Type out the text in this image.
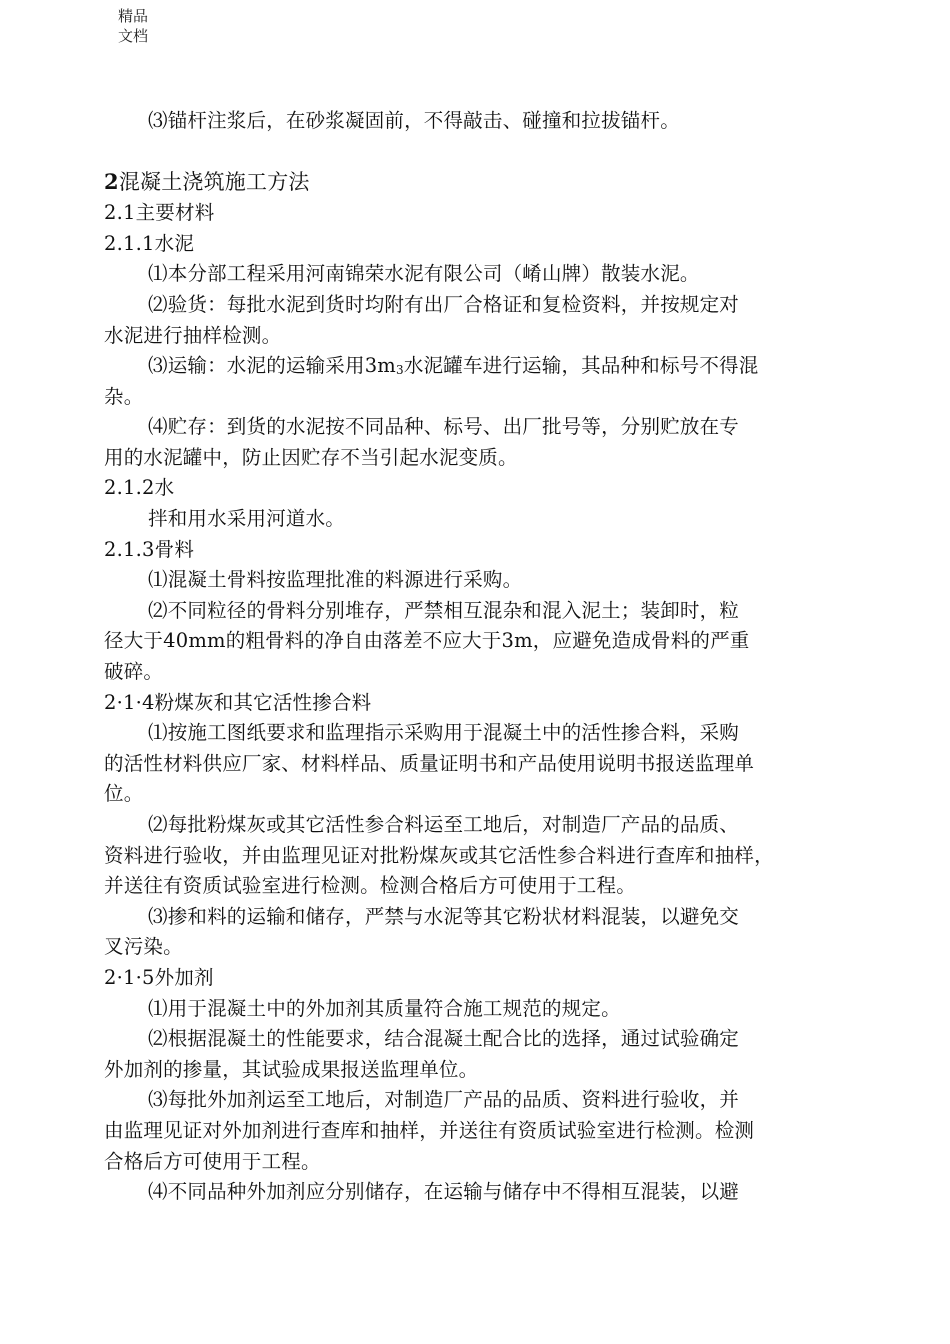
精品文档
⑶锚杆注浆后，在砂浆凝固前，不得敲击、碰撞和拉拔锚杆。
2混凝土浇筑施工方法
2.1主要材料
2.1.1水泥
⑴本分部工程采用河南锦荣水泥有限公司（崤山牌）散装水泥。
⑵验货：每批水泥到货时均附有出厂合格证和复检资料，并按规定对
水泥进行抽样检测。
⑶运输：水泥的运输采用3m3水泥罐车进行运输，其品种和标号不得混
杂。
⑷贮存：到货的水泥按不同品种、标号、出厂批号等，分别贮放在专
用的水泥罐中，防止因贮存不当引起水泥变质。
2.1.2水
拌和用水采用河道水。
2.1.3骨料
⑴混凝土骨料按监理批准的料源进行采购。
⑵不同粒径的骨料分别堆存，严禁相互混杂和混入泥土；装卸时，粒
径大于40mm的粗骨料的净自由落差不应大于3m，应避免造成骨料的严重
破碎。
2·1·4粉煤灰和其它活性掺合料
⑴按施工图纸要求和监理指示采购用于混凝土中的活性掺合料，采购
的活性材料供应厂家、材料样品、质量证明书和产品使用说明书报送监理单
位。
⑵每批粉煤灰或其它活性参合料运至工地后，对制造厂产品的品质、
资料进行验收，并由监理见证对批粉煤灰或其它活性参合料进行查库和抽样，
并送往有资质试验室进行检测。检测合格后方可使用于工程。
⑶掺和料的运输和储存，严禁与水泥等其它粉状材料混装，以避免交
叉污染。
2·1·5外加剂
⑴用于混凝土中的外加剂其质量符合施工规范的规定。
⑵根据混凝土的性能要求，结合混凝土配合比的选择，通过试验确定
外加剂的掺量，其试验成果报送监理单位。
⑶每批外加剂运至工地后，对制造厂产品的品质、资料进行验收，并
由监理见证对外加剂进行查库和抽样，并送往有资质试验室进行检测。检测
合格后方可使用于工程。
⑷不同品种外加剂应分别储存，在运输与储存中不得相互混装，以避
